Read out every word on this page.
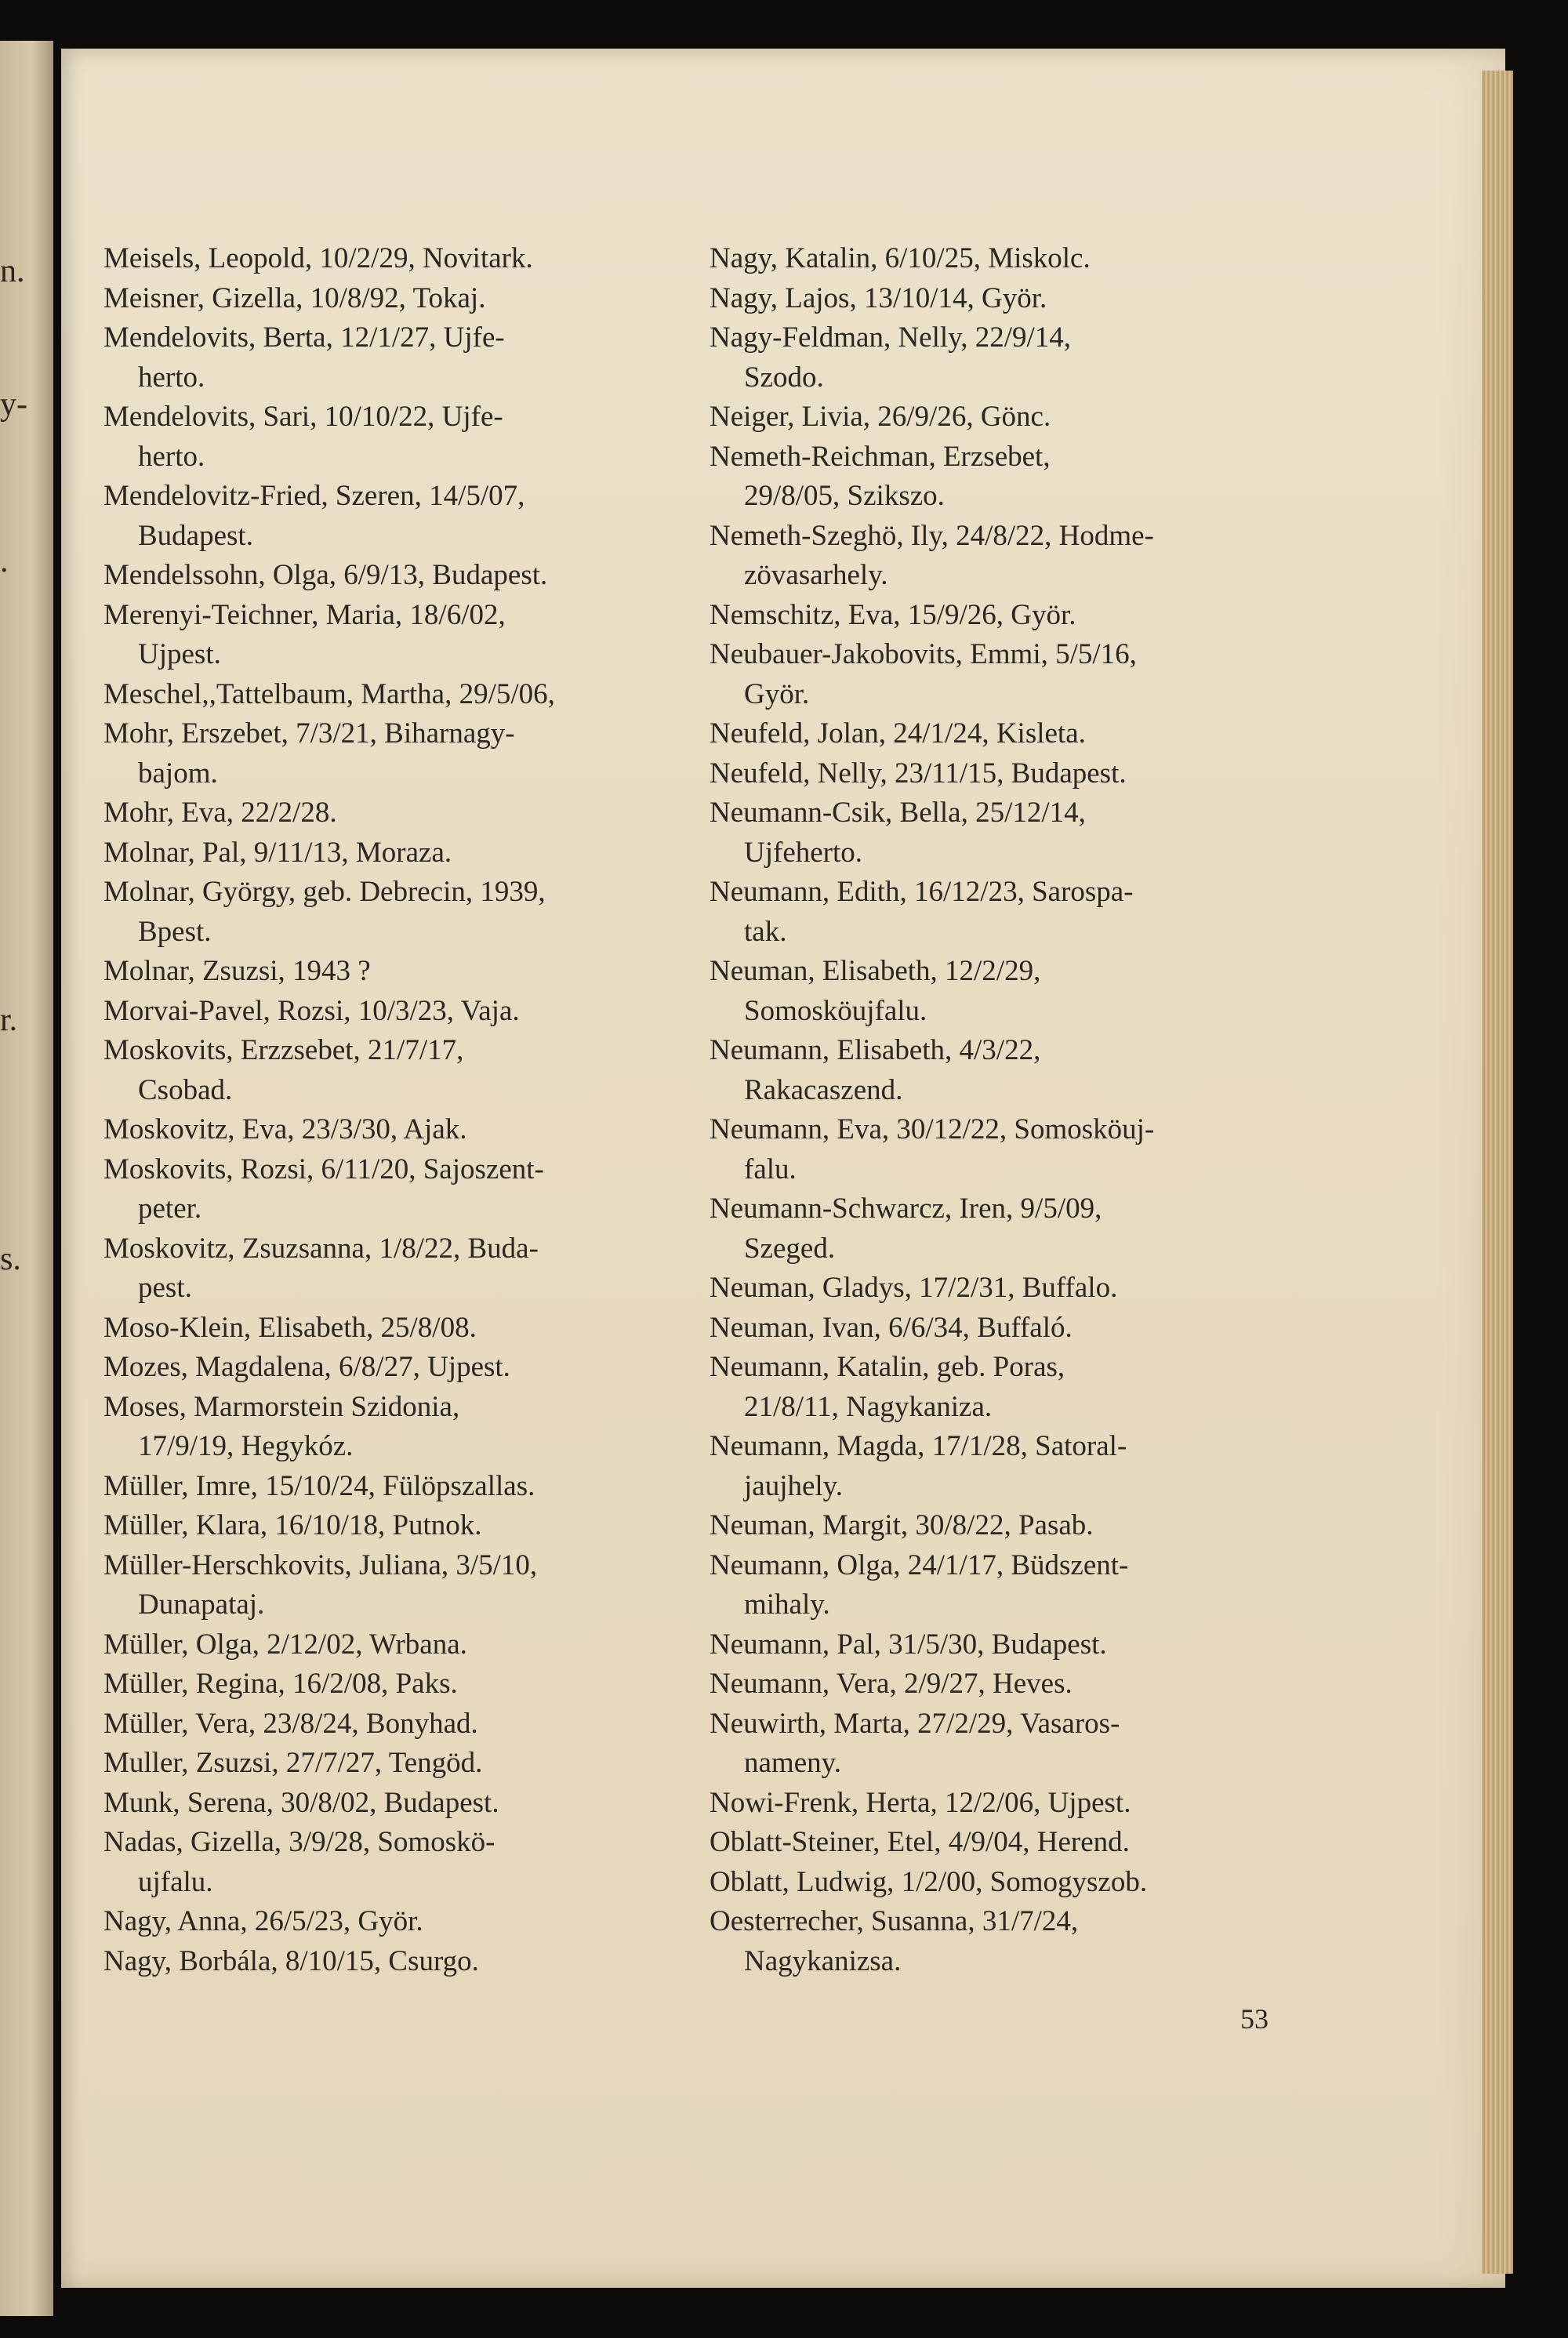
n.

y-

.

r.

s.

Meisels, Leopold, 10/2/29, Novitark.
Meisner, Gizella, 10/8/92, Tokaj.
Mendelovits, Berta, 12/1/27, Ujfe-
herto.
Mendelovits, Sari, 10/10/22, Ujfe-
herto.
Mendelovitz-Fried, Szeren, 14/5/07,
Budapest.
Mendelssohn, Olga, 6/9/13, Budapest.
Merenyi-Teichner, Maria, 18/6/02,
Ujpest.
Meschel,,Tattelbaum, Martha, 29/5/06,
Mohr, Erszebet, 7/3/21, Biharnagy-
bajom.
Mohr, Eva, 22/2/28.
Molnar, Pal, 9/11/13, Moraza.
Molnar, György, geb. Debrecin, 1939,
Bpest.
Molnar, Zsuzsi, 1943 ?
Morvai-Pavel, Rozsi, 10/3/23, Vaja.
Moskovits, Erzzsebet, 21/7/17,
Csobad.
Moskovitz, Eva, 23/3/30, Ajak.
Moskovits, Rozsi, 6/11/20, Sajoszent-
peter.
Moskovitz, Zsuzsanna, 1/8/22, Buda-
pest.
Moso-Klein, Elisabeth, 25/8/08.
Mozes, Magdalena, 6/8/27, Ujpest.
Moses, Marmorstein Szidonia,
17/9/19, Hegykóz.
Müller, Imre, 15/10/24, Fülöpszallas.
Müller, Klara, 16/10/18, Putnok.
Müller-Herschkovits, Juliana, 3/5/10,
Dunapataj.
Müller, Olga, 2/12/02, Wrbana.
Müller, Regina, 16/2/08, Paks.
Müller, Vera, 23/8/24, Bonyhad.
Muller, Zsuzsi, 27/7/27, Tengöd.
Munk, Serena, 30/8/02, Budapest.
Nadas, Gizella, 3/9/28, Somoskö-
ujfalu.
Nagy, Anna, 26/5/23, Györ.
Nagy, Borbála, 8/10/15, Csurgo.
Nagy, Katalin, 6/10/25, Miskolc.
Nagy, Lajos, 13/10/14, Györ.
Nagy-Feldman, Nelly, 22/9/14,
Szodo.
Neiger, Livia, 26/9/26, Gönc.
Nemeth-Reichman, Erzsebet,
29/8/05, Szikszo.
Nemeth-Szeghö, Ily, 24/8/22, Hodme-
zövasarhely.
Nemschitz, Eva, 15/9/26, Györ.
Neubauer-Jakobovits, Emmi, 5/5/16,
Györ.
Neufeld, Jolan, 24/1/24, Kisleta.
Neufeld, Nelly, 23/11/15, Budapest.
Neumann-Csik, Bella, 25/12/14,
Ujfeherto.
Neumann, Edith, 16/12/23, Sarospa-
tak.
Neuman, Elisabeth, 12/2/29,
Somosköujfalu.
Neumann, Elisabeth, 4/3/22,
Rakacaszend.
Neumann, Eva, 30/12/22, Somosköuj-
falu.
Neumann-Schwarcz, Iren, 9/5/09,
Szeged.
Neuman, Gladys, 17/2/31, Buffalo.
Neuman, Ivan, 6/6/34, Buffaló.
Neumann, Katalin, geb. Poras,
21/8/11, Nagykaniza.
Neumann, Magda, 17/1/28, Satoral-
jaujhely.
Neuman, Margit, 30/8/22, Pasab.
Neumann, Olga, 24/1/17, Büdszent-
mihaly.
Neumann, Pal, 31/5/30, Budapest.
Neumann, Vera, 2/9/27, Heves.
Neuwirth, Marta, 27/2/29, Vasaros-
nameny.
Nowi-Frenk, Herta, 12/2/06, Ujpest.
Oblatt-Steiner, Etel, 4/9/04, Herend.
Oblatt, Ludwig, 1/2/00, Somogyszob.
Oesterrecher, Susanna, 31/7/24,
Nagykanizsa.

53
